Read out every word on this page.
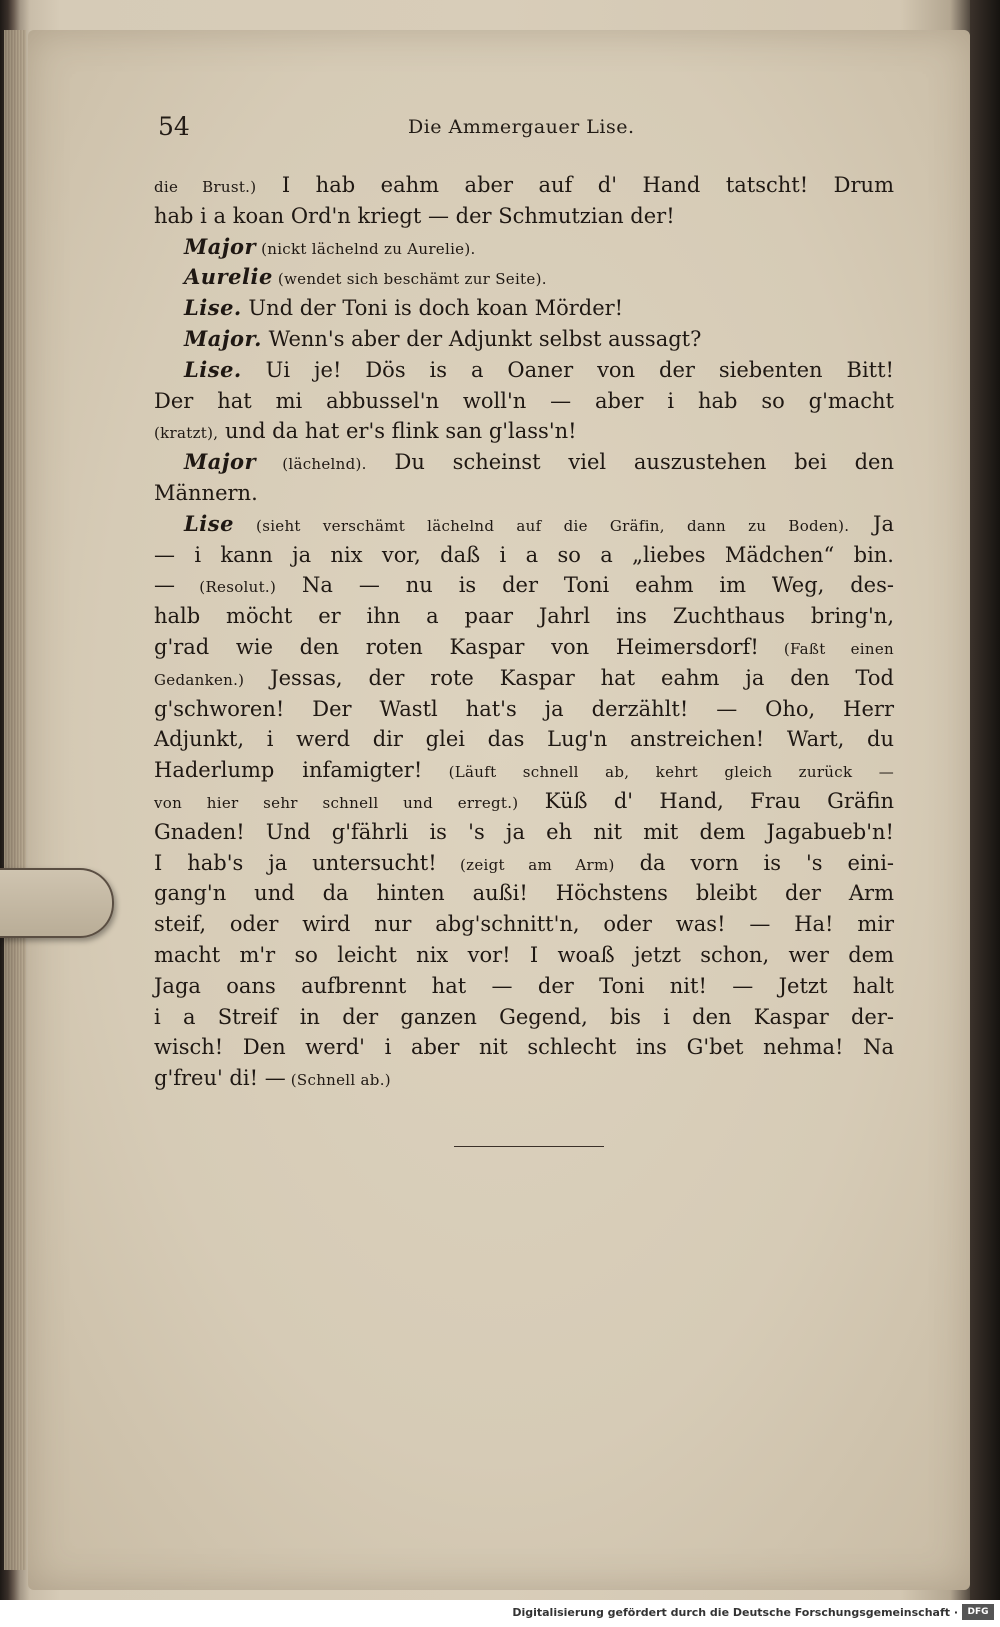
54	Die Ammergauer Lise.
die Brust.) I hab eahm aber auf d' Hand tatscht! Drum
hab i a koan Ord'n kriegt — der Schmutzian der!
Major (nickt lächelnd zu Aurelie).
Aurelie (wendet sich beschämt zur Seite).
Lise. Und der Toni is doch koan Mörder!
Major. Wenn's aber der Adjunkt selbst aussagt?
Lise. Ui je! Dös is a Oaner von der siebenten Bitt!
Der hat mi abbussel'n woll'n — aber i hab so g'macht
(kratzt), und da hat er's flink san g'lass'n!
Major (lächelnd). Du scheinst viel auszustehen bei den
Männern.
Lise (sieht verschämt lächelnd auf die Gräfin, dann zu Boden). Ja
— i kann ja nix vor, daß i a so a „liebes Mädchen“ bin.
— (Resolut.) Na — nu is der Toni eahm im Weg, des-
halb möcht er ihn a paar Jahrl ins Zuchthaus bring'n,
g'rad wie den roten Kaspar von Heimersdorf! (Faßt einen
Gedanken.) Jessas, der rote Kaspar hat eahm ja den Tod
g'schworen! Der Wastl hat's ja derzählt! — Oho, Herr
Adjunkt, i werd dir glei das Lug'n anstreichen! Wart, du
Haderlump infamigter! (Läuft schnell ab, kehrt gleich zurück —
von hier sehr schnell und erregt.) Küß d' Hand, Frau Gräfin
Gnaden! Und g'fährli is 's ja eh nit mit dem Jagabueb'n!
I hab's ja untersucht! (zeigt am Arm) da vorn is 's eini-
gang'n und da hinten außi! Höchstens bleibt der Arm
steif, oder wird nur abg'schnitt'n, oder was! — Ha! mir
macht m'r so leicht nix vor! I woaß jetzt schon, wer dem
Jaga oans aufbrennt hat — der Toni nit! — Jetzt halt
i a Streif in der ganzen Gegend, bis i den Kaspar der-
wisch! Den werd' i aber nit schlecht ins G'bet nehma! Na
g'freu' di! — (Schnell ab.)
Digitalisierung gefördert durch die Deutsche Forschungsgemeinschaft ·	DFG
